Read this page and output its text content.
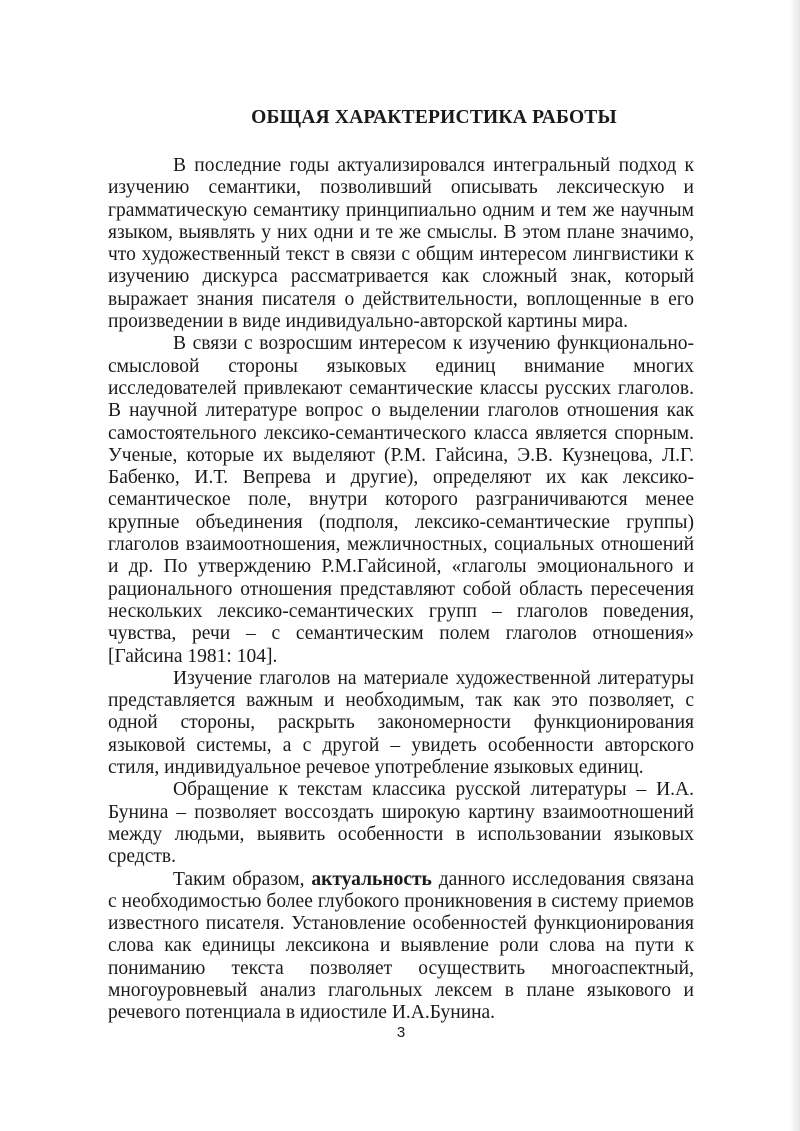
ОБЩАЯ ХАРАКТЕРИСТИКА РАБОТЫ

В последние годы актуализировался интегральный подход к изучению семантики, позволивший описывать лексическую и грамматическую семантику принципиально одним и тем же научным языком, выявлять у них одни и те же смыслы. В этом плане значимо, что художественный текст в связи с общим интересом лингвистики к изучению дискурса рассматривается как сложный знак, который выражает знания писателя о действительности, воплощенные в его произведении в виде индивидуально-авторской картины мира.

В связи с возросшим интересом к изучению функционально-смысловой стороны языковых единиц внимание многих исследователей привлекают семантические классы русских глаголов. В научной литературе вопрос о выделении глаголов отношения как самостоятельного лексико-семантического класса является спорным. Ученые, которые их выделяют (Р.М. Гайсина, Э.В. Кузнецова, Л.Г. Бабенко, И.Т. Вепрева и другие), определяют их как лексико-семантическое поле, внутри которого разграничиваются менее крупные объединения (подполя, лексико-семантические группы) глаголов взаимоотношения, межличностных, социальных отношений и др. По утверждению Р.М.Гайсиной, «глаголы эмоционального и рационального отношения представляют собой область пересечения нескольких лексико-семантических групп – глаголов поведения, чувства, речи – с семантическим полем глаголов отношения» [Гайсина 1981: 104].

Изучение глаголов на материале художественной литературы представляется важным и необходимым, так как это позволяет, с одной стороны, раскрыть закономерности функционирования языковой системы, а с другой – увидеть особенности авторского стиля, индивидуальное речевое употребление языковых единиц.

Обращение к текстам классика русской литературы – И.А. Бунина – позволяет воссоздать широкую картину взаимоотношений между людьми, выявить особенности в использовании языковых средств.

Таким образом, актуальность данного исследования связана с необходимостью более глубокого проникновения в систему приемов известного писателя. Установление особенностей функционирования слова как единицы лексикона и выявление роли слова на пути к пониманию текста позволяет осуществить многоаспектный, многоуровневый анализ глагольных лексем в плане языкового и речевого потенциала в идиостиле И.А.Бунина.

3
